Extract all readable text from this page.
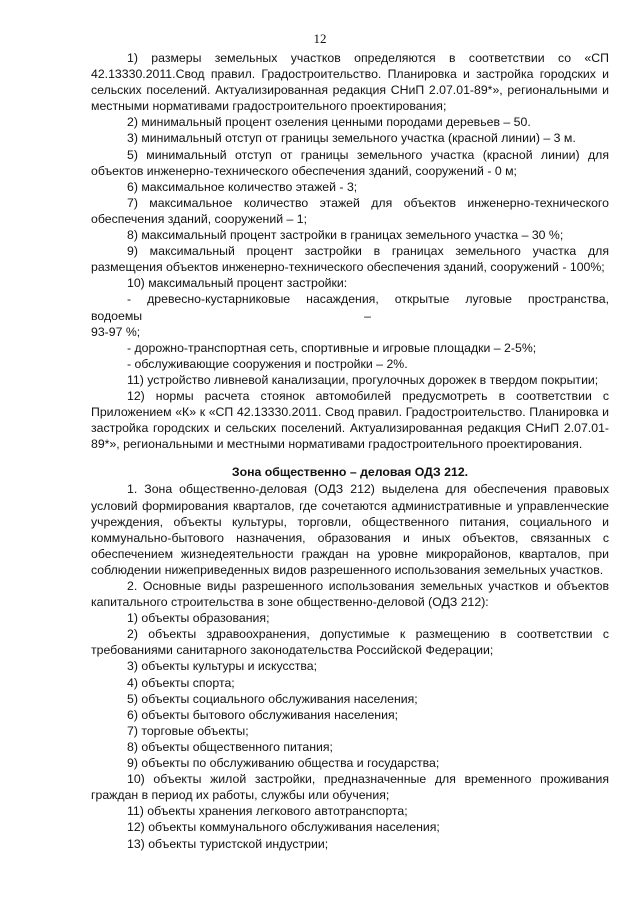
12

1) размеры земельных участков определяются в соответствии со «СП 42.13330.2011.Свод правил. Градостроительство. Планировка и застройка городских и сельских поселений. Актуализированная редакция СНиП 2.07.01-89*», региональными и местными нормативами градостроительного проектирования;

2) минимальный процент озеления ценными породами деревьев – 50.

3) минимальный отступ от границы земельного участка (красной линии) – 3 м.

5) минимальный отступ от границы земельного участка (красной линии) для объектов инженерно-технического обеспечения зданий, сооружений - 0 м;

6) максимальное количество этажей - 3;

7) максимальное количество этажей для объектов инженерно-технического обеспечения зданий, сооружений – 1;

8) максимальный процент застройки в границах земельного участка – 30 %;

9) максимальный процент застройки в границах земельного участка для размещения объектов инженерно-технического обеспечения зданий, сооружений - 100%;

10) максимальный процент застройки:

- древесно-кустарниковые насаждения, открытые луговые пространства,

водоемы	–

93-97 %;

- дорожно-транспортная сеть, спортивные и игровые площадки – 2-5%;

- обслуживающие сооружения и постройки – 2%.

11) устройство ливневой канализации, прогулочных дорожек в твердом покрытии;

12) нормы расчета стоянок автомобилей предусмотреть в соответствии с Приложением «К» к «СП 42.13330.2011. Свод правил. Градостроительство. Планировка и застройка городских и сельских поселений. Актуализированная редакция СНиП 2.07.01-89*», региональными и местными нормативами градостроительного проектирования.

Зона общественно – деловая ОДЗ 212.

1. Зона общественно-деловая (ОДЗ 212) выделена для обеспечения правовых условий формирования кварталов, где сочетаются административные и управленческие учреждения, объекты культуры, торговли, общественного питания, социального и коммунально-бытового назначения, образования и иных объектов, связанных с обеспечением жизнедеятельности граждан на уровне микрорайонов, кварталов, при соблюдении нижеприведенных видов разрешенного использования земельных участков.

2. Основные виды разрешенного использования земельных участков и объектов капитального строительства в зоне общественно-деловой (ОДЗ 212):

1) объекты образования;

2) объекты здравоохранения, допустимые к размещению в соответствии с требованиями санитарного законодательства Российской Федерации;

3) объекты культуры и искусства;

4) объекты спорта;

5) объекты социального обслуживания населения;

6) объекты бытового обслуживания населения;

7) торговые объекты;

8) объекты общественного питания;

9) объекты по обслуживанию общества и государства;

10) объекты жилой застройки, предназначенные для временного проживания граждан в период их работы, службы или обучения;

11) объекты хранения легкового автотранспорта;

12) объекты коммунального обслуживания населения;

13) объекты туристской индустрии;
